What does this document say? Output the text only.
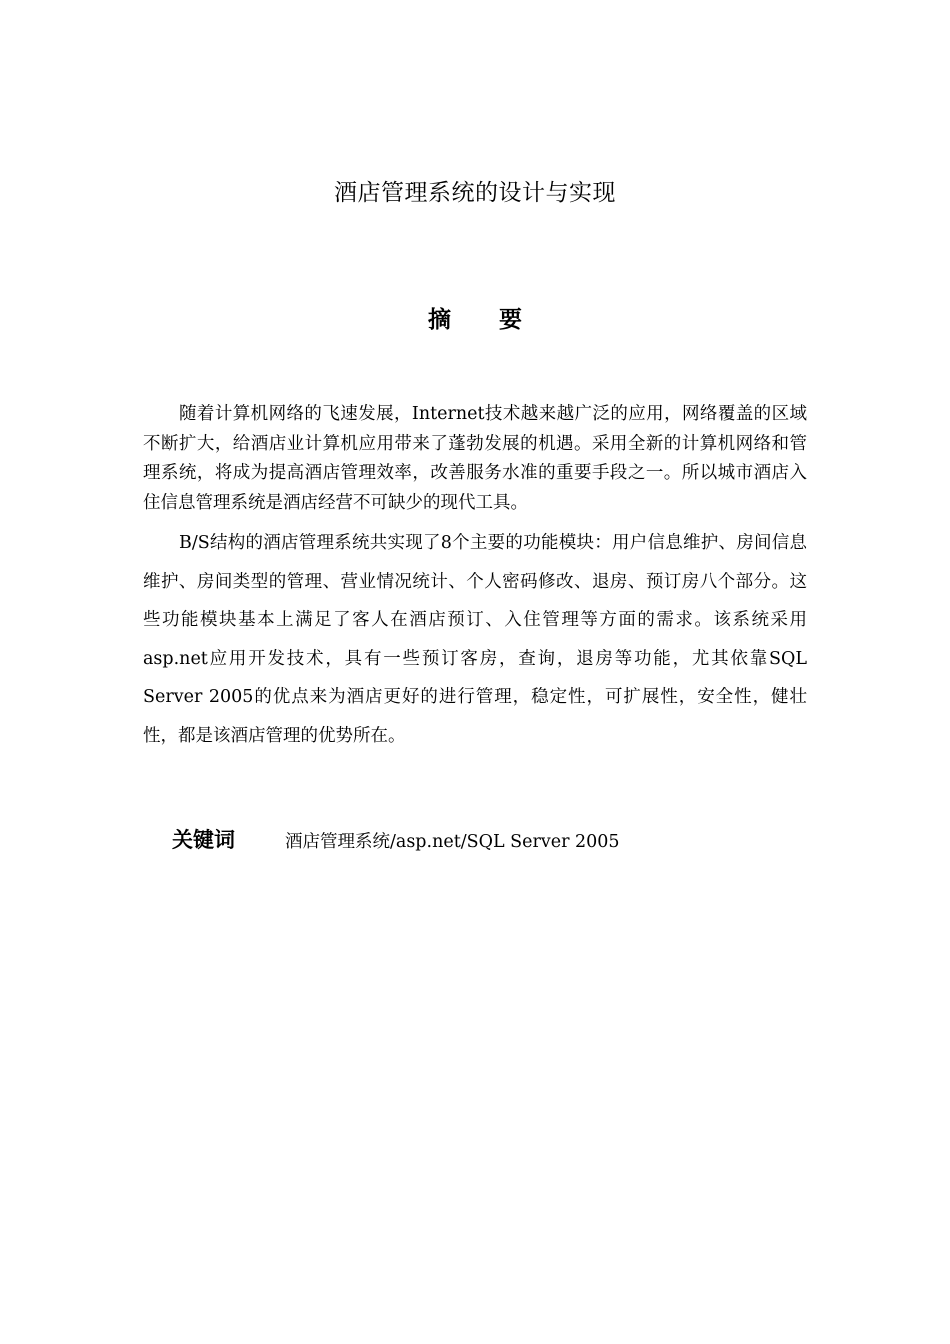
酒店管理系统的设计与实现
摘 要

随着计算机网络的飞速发展，Internet技术越来越广泛的应用，网络覆盖的区域不断扩大，给酒店业计算机应用带来了蓬勃发展的机遇。采用全新的计算机网络和管理系统，将成为提高酒店管理效率，改善服务水准的重要手段之一。所以城市酒店入住信息管理系统是酒店经营不可缺少的现代工具。

B/S结构的酒店管理系统共实现了8个主要的功能模块：用户信息维护、房间信息维护、房间类型的管理、营业情况统计、个人密码修改、退房、预订房八个部分。这些功能模块基本上满足了客人在酒店预订、入住管理等方面的需求。该系统采用asp.net应用开发技术，具有一些预订客房，查询，退房等功能，尤其依靠SQL Server 2005的优点来为酒店更好的进行管理，稳定性，可扩展性，安全性，健壮性，都是该酒店管理的优势所在。

关键词	酒店管理系统/asp.net/SQL Server 2005
